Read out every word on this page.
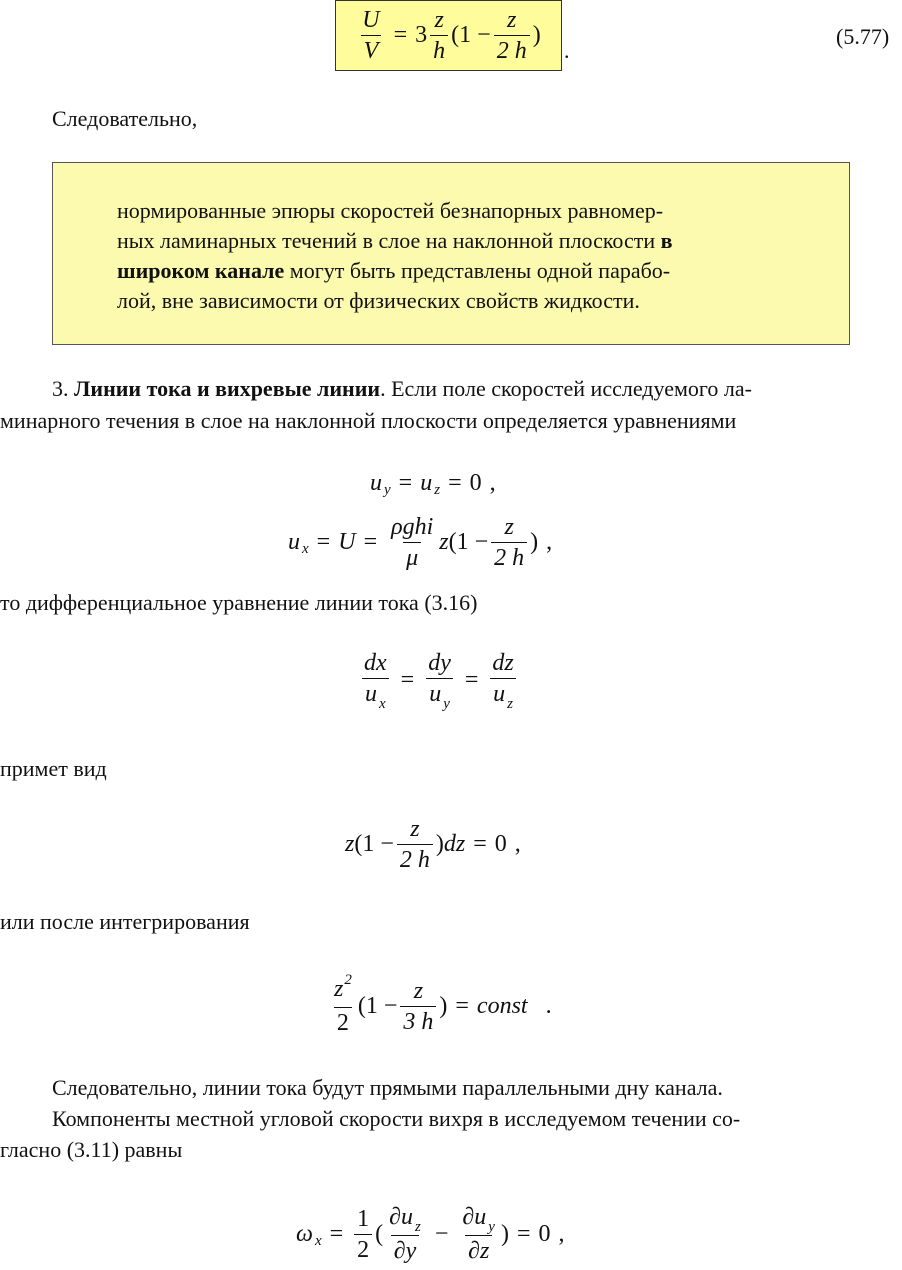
$\frac{U}{V} = 3 \frac{z}{h} (1 - \frac{z}{2 h}$ )
.
(5.77)
Следовательно,
нормированные эпюры скоростей безнапорных равномер-
ных ламинарных течений в слое на наклонной плоскости в
широком канале могут быть представлены одной парабо-
лой, вне зависимости от физических свойств жидкости.
3. Линии тока и вихревые линии. Если поле скоростей исследуемого ла-
минарного течения в слое на наклонной плоскости определяется уравнениями
u y = u z = 0 ,
u $x = U = \frac{\text{ρghi}}{\mu}$ z ($1 - \frac{z}{2 h}$ ) ,
то дифференциальное уравнение линии тока (3.16)
$\frac{dx}{u _x} = \frac{dy}{u _y} = \frac{dz}{u _z}$
примет вид
z ($1 - \frac{z}{2 h}$ ) dz = 0 ,
или после интегрирования
$\frac{z^2}{2} (1 - \frac{z}{3 h}$ ) = const .
Следовательно, линии тока будут прямыми параллельными дну канала.
Компоненты местной угловой скорости вихря в исследуемом течении со-
гласно (3.11) равны
ω $x = \frac{1}{2}$ ( $\frac{\partial u _z}{\partial y} - \frac{\partial u _y}{\partial z}$ ) = 0 ,
